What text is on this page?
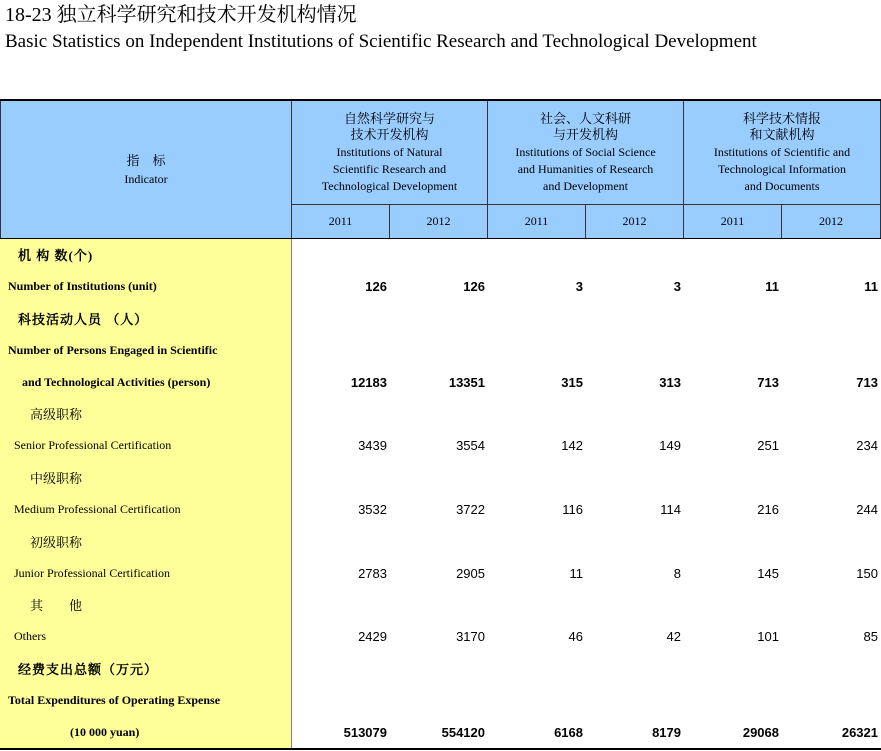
18-23 独立科学研究和技术开发机构情况
Basic Statistics on Independent Institutions of Scientific Research and Technological Development
指　标
Indicator
自然科学研究与
技术开发机构
Institutions of Natural
Scientific Research and
Technological Development
社会、人文科研
与开发机构
Institutions of Social Science
and Humanities of Research
and Development
科学技术情报
和文献机构
Institutions of Scientific and
Technological Information
and Documents
2011	2012	2011	2012	2011	2012
机 构 数(个)
Number of Institutions (unit)	126	126	3	3	11	11
科技活动人员 （人）
Number of Persons Engaged in Scientific
and Technological Activities (person)	12183	13351	315	313	713	713
高级职称
Senior Professional Certification	3439	3554	142	149	251	234
中级职称
Medium Professional Certification	3532	3722	116	114	216	244
初级职称
Junior Professional Certification	2783	2905	11	8	145	150
其　　他
Others	2429	3170	46	42	101	85
经费支出总额（万元）
Total Expenditures of Operating Expense
(10 000 yuan)	513079	554120	6168	8179	29068	26321
